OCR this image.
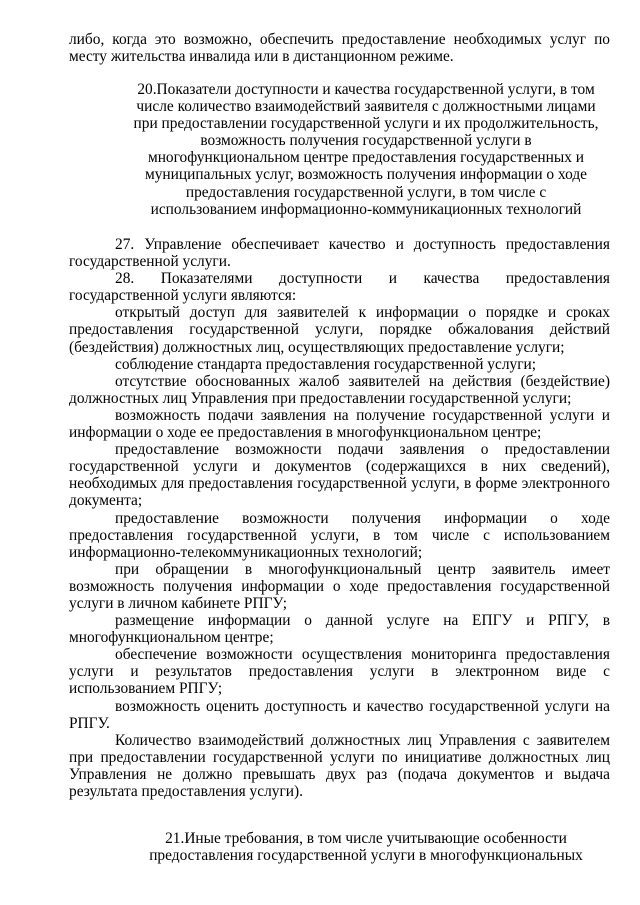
либо, когда это возможно, обеспечить предоставление необходимых услуг по месту жительства инвалида или в дистанционном режиме.

20.Показатели доступности и качества государственной услуги, в том
числе количество взаимодействий заявителя с должностными лицами
при предоставлении государственной услуги и их продолжительность,
возможность получения государственной услуги в
многофункциональном центре предоставления государственных и
муниципальных услуг, возможность получения информации о ходе
предоставления государственной услуги, в том числе с
использованием информационно-коммуникационных технологий

27. Управление обеспечивает качество и доступность предоставления государственной услуги.

28. Показателями доступности и качества предоставления государственной услуги являются:

открытый доступ для заявителей к информации о порядке и сроках предоставления государственной услуги, порядке обжалования действий (бездействия) должностных лиц, осуществляющих предоставление услуги;

соблюдение стандарта предоставления государственной услуги;

отсутствие обоснованных жалоб заявителей на действия (бездействие) должностных лиц Управления при предоставлении государственной услуги;

возможность подачи заявления на получение государственной услуги и информации о ходе ее предоставления в многофункциональном центре;

предоставление возможности подачи заявления о предоставлении государственной услуги и документов (содержащихся в них сведений), необходимых для предоставления государственной услуги, в форме электронного документа;

предоставление возможности получения информации о ходе предоставления государственной услуги, в том числе с использованием информационно-телекоммуникационных технологий;

при обращении в многофункциональный центр заявитель имеет возможность получения информации о ходе предоставления государственной услуги в личном кабинете РПГУ;

размещение информации о данной услуге на ЕПГУ и РПГУ, в многофункциональном центре;

обеспечение возможности осуществления мониторинга предоставления услуги и результатов предоставления услуги в электронном виде с использованием РПГУ;

возможность оценить доступность и качество государственной услуги на РПГУ.

Количество взаимодействий должностных лиц Управления с заявителем при предоставлении государственной услуги по инициативе должностных лиц Управления не должно превышать двух раз (подача документов и выдача результата предоставления услуги).

21.Иные требования, в том числе учитывающие особенности
предоставления государственной услуги в многофункциональных
